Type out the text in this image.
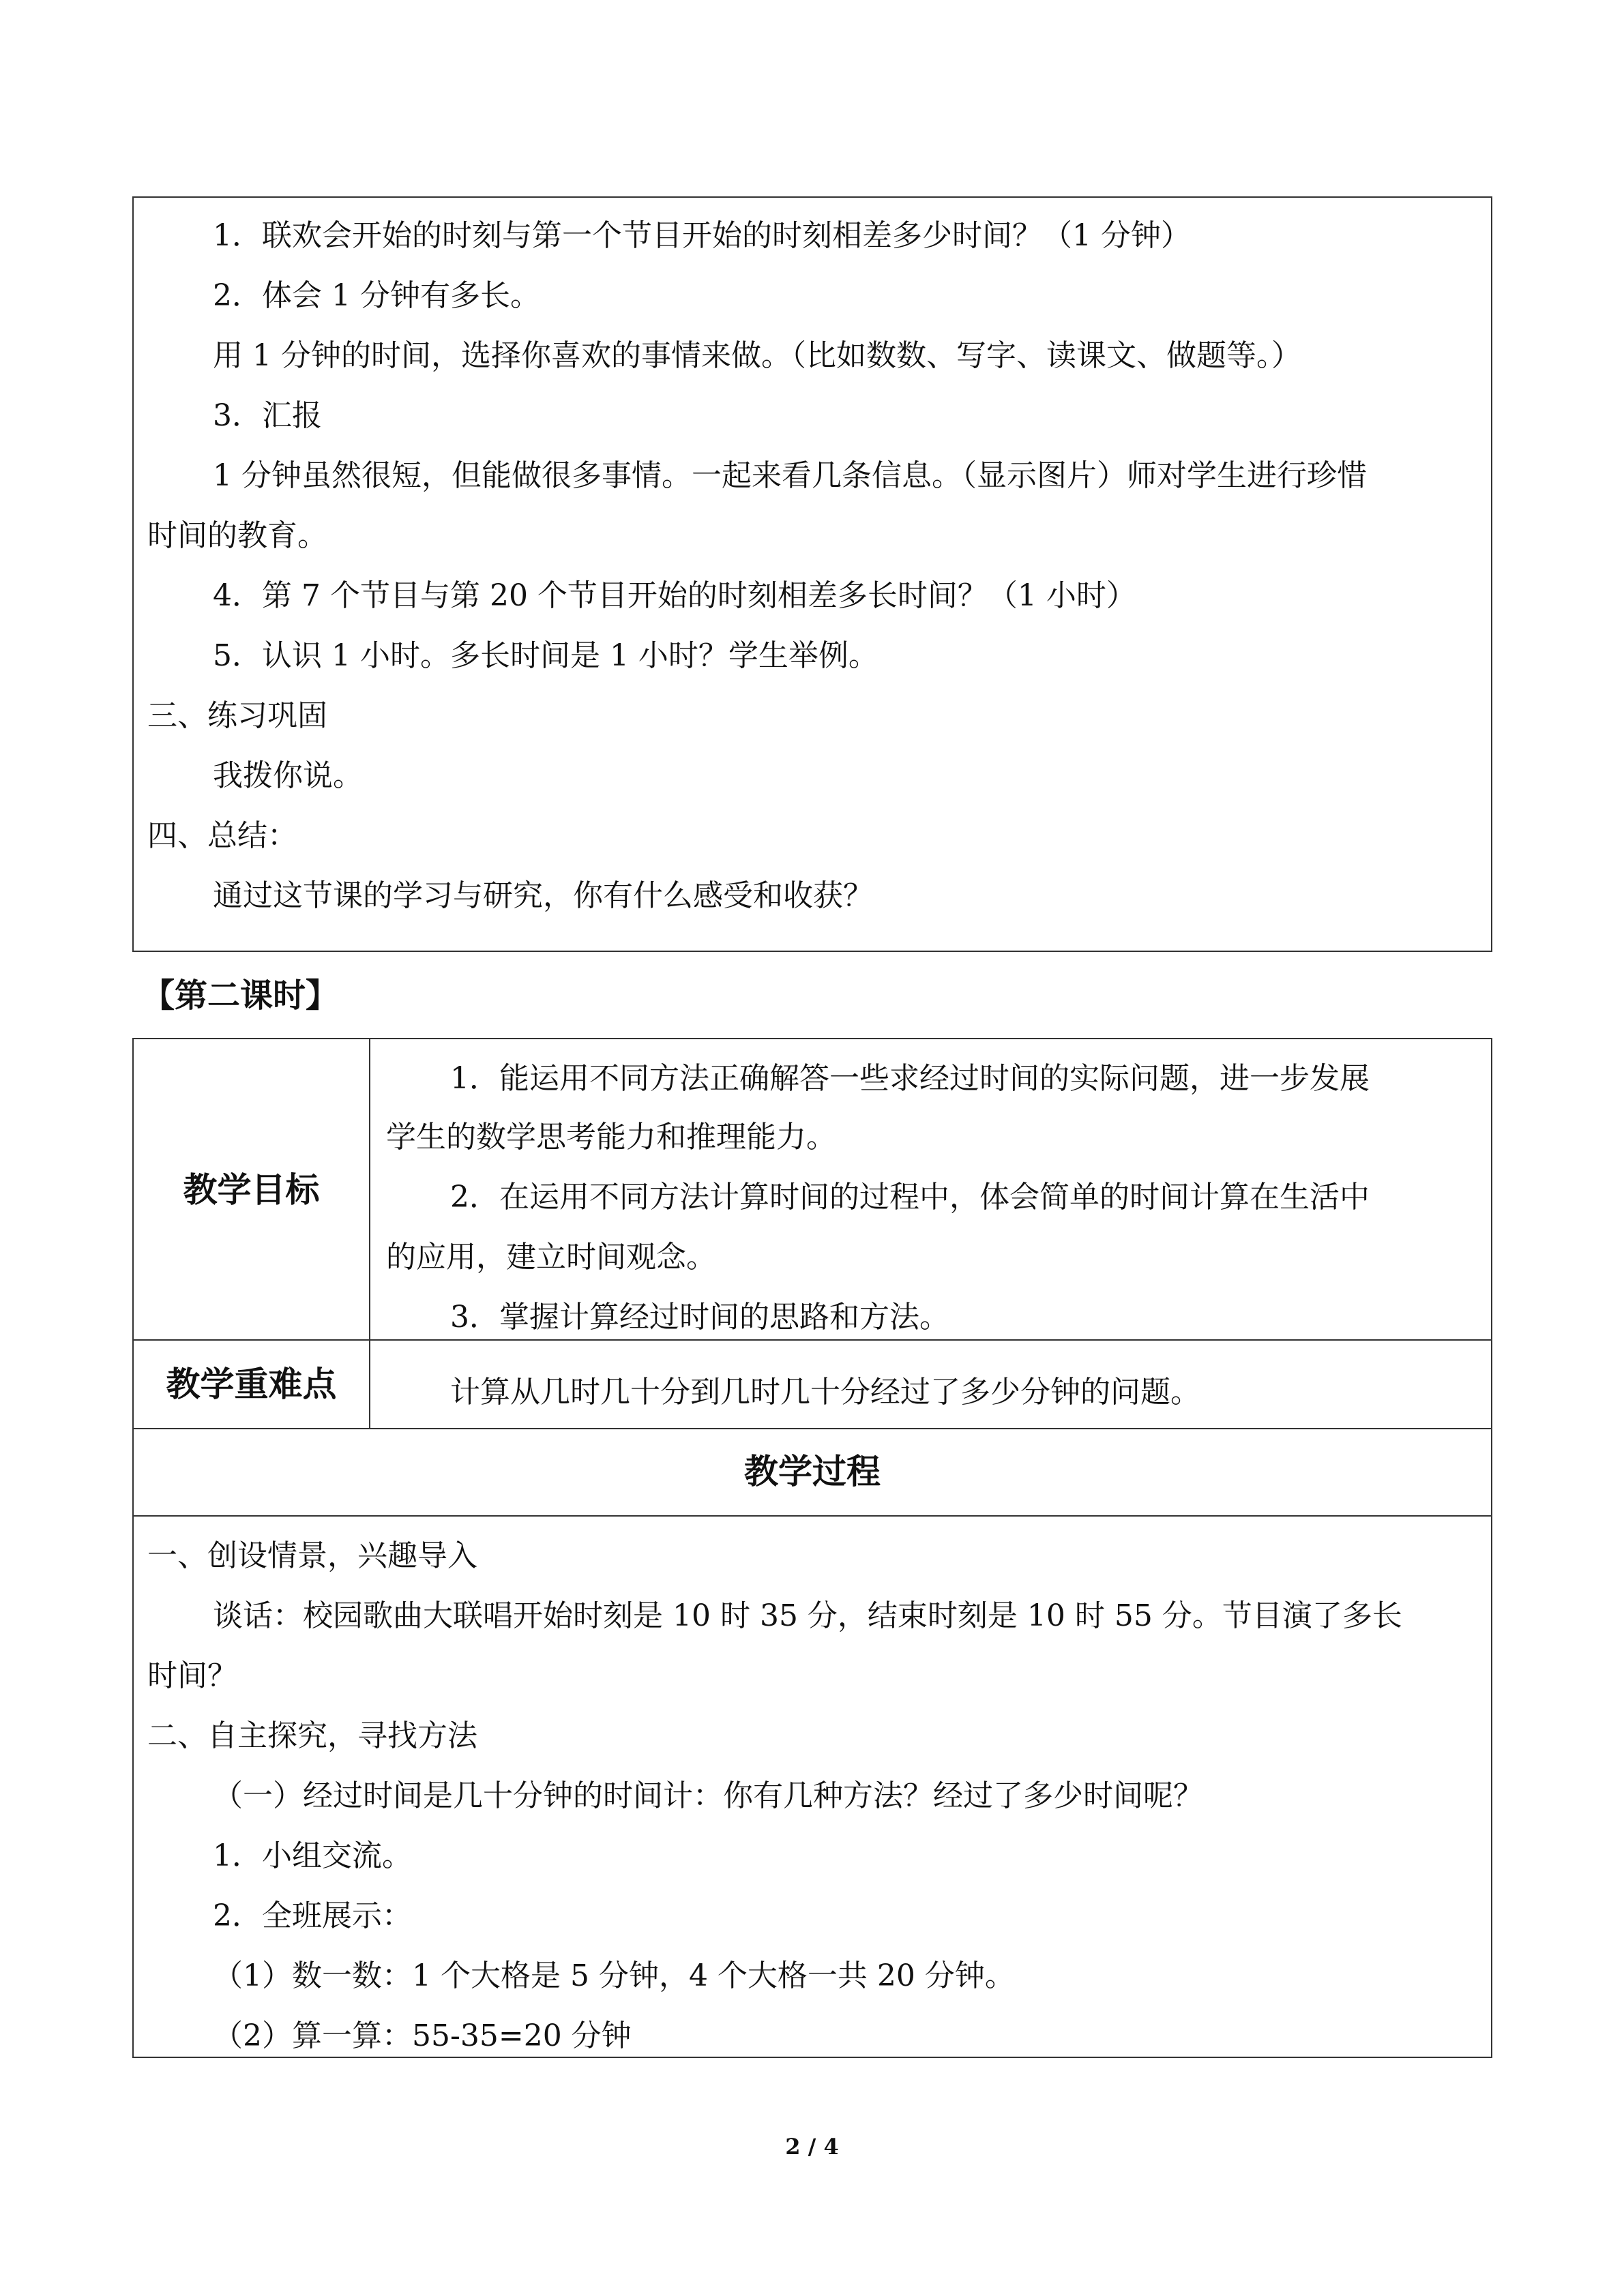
1．联欢会开始的时刻与第一个节目开始的时刻相差多少时间？（1 分钟）
2．体会 1 分钟有多长。
用 1 分钟的时间，选择你喜欢的事情来做。（比如数数、写字、读课文、做题等。）
3．汇报
1 分钟虽然很短，但能做很多事情。一起来看几条信息。（显示图片）师对学生进行珍惜
时间的教育。
4．第 7 个节目与第 20 个节目开始的时刻相差多长时间？（1 小时）
5．认识 1 小时。多长时间是 1 小时？学生举例。
三、练习巩固
我拨你说。
四、总结：
通过这节课的学习与研究，你有什么感受和收获？
【第二课时】
教学目标
1．能运用不同方法正确解答一些求经过时间的实际问题，进一步发展
学生的数学思考能力和推理能力。
2．在运用不同方法计算时间的过程中，体会简单的时间计算在生活中
的应用，建立时间观念。
3．掌握计算经过时间的思路和方法。
教学重难点	计算从几时几十分到几时几十分经过了多少分钟的问题。
教学过程
一、创设情景，兴趣导入
谈话：校园歌曲大联唱开始时刻是 10 时 35 分，结束时刻是 10 时 55 分。节目演了多长
时间？
二、自主探究，寻找方法
（一）经过时间是几十分钟的时间计：你有几种方法？经过了多少时间呢？
1．小组交流。
2．全班展示：
（1）数一数：1 个大格是 5 分钟，4 个大格一共 20 分钟。
（2）算一算：55-35=20 分钟
2 / 4
